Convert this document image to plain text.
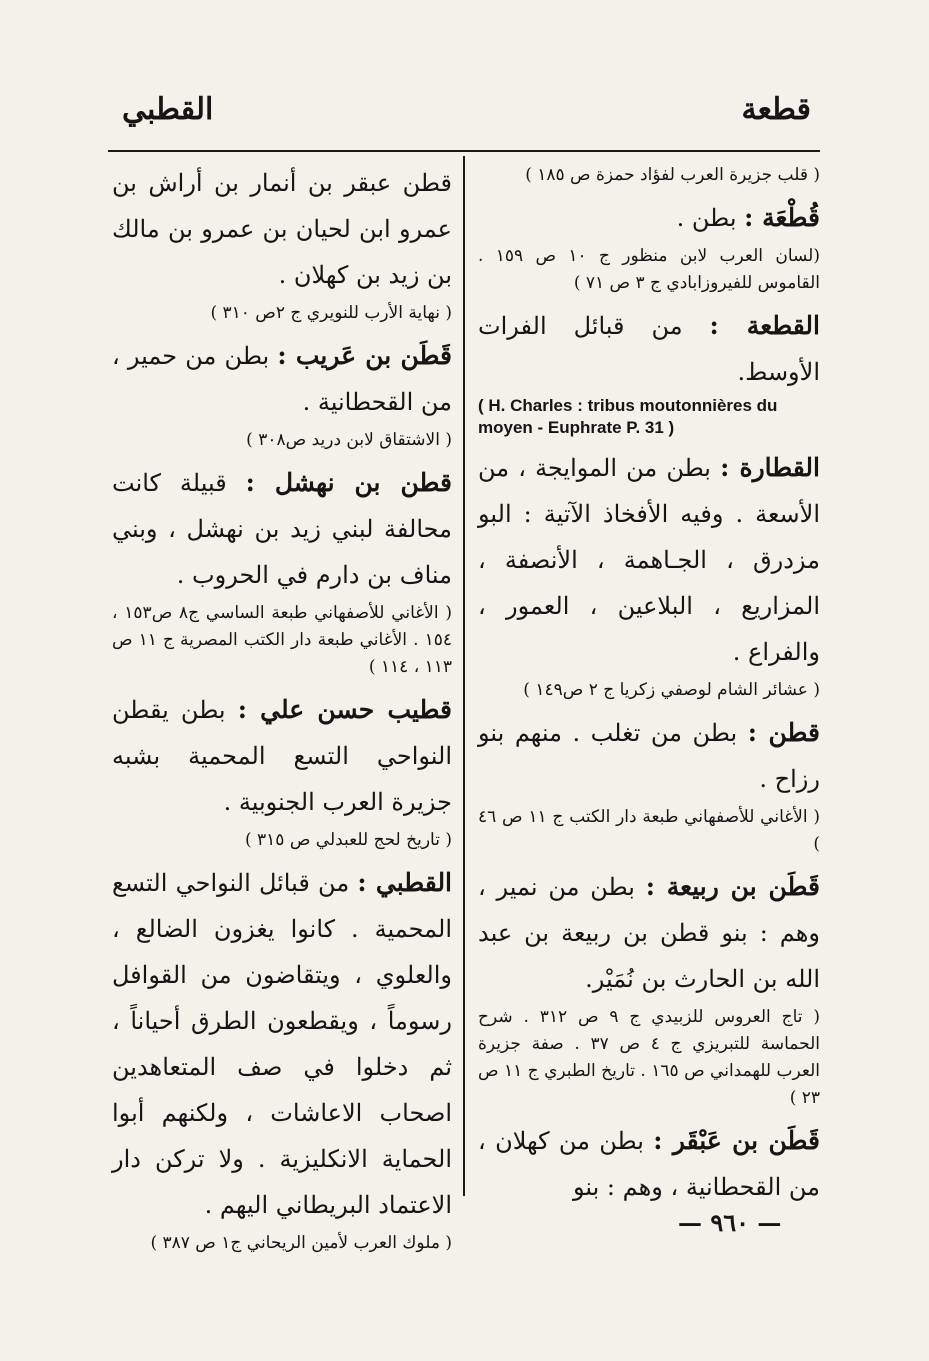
قطعة
القطبي

( قلب جزيرة العرب لفؤاد حمزة ص ١٨٥ )

قُطْعَة : بطن .

(لسان العرب لابن منظور ج ١٠ ص ١٥٩ . القاموس للفيروزابادي ج ٣ ص ٧١ )

القطعة : من قبائل الفرات الأوسط.

( H. Charles : tribus moutonnières du moyen - Euphrate P. 31 )

القطارة : بطن من الموايجة ، من الأسعة . وفيه الأفخاذ الآتية : البو مزدرق ، الجـاهمة ، الأنصفة ، المزاريع ، البلاعين ، العمور ، والفراع .

( عشائر الشام لوصفي زكريا ج ٢ ص١٤٩ )

قطن : بطن من تغلب . منهم بنو رزاح .

( الأغاني للأصفهاني طبعة دار الكتب ج ١١ ص ٤٦ )

قَطَن بن ربيعة : بطن من نمير ، وهم : بنو قطن بن ربيعة بن عبد الله بن الحارث بن نُمَيْر.

( تاج العروس للزبيدي ج ٩ ص ٣١٢ . شرح الحماسة للتبريزي ج ٤ ص ٣٧ . صفة جزيرة العرب للهمداني ص ١٦٥ . تاريخ الطبري ج ١١ ص ٢٣ )

قَطَن بن عَبْقَر : بطن من كهلان ، من القحطانية ، وهم : بنو

قطن عبقر بن أنمار بن أراش بن عمرو ابن لحيان بن عمرو بن مالك بن زيد بن كهلان .

( نهاية الأرب للنويري ج ٢ص ٣١٠ )

قَطَن بن عَريب : بطن من حمير ، من القحطانية .

( الاشتقاق لابن دريد ص٣٠٨ )

قطن بن نهشل : قبيلة كانت محالفة لبني زيد بن نهشل ، وبني مناف بن دارم في الحروب .

( الأغاني للأصفهاني طبعة الساسي ج٨ ص١٥٣ ، ١٥٤ . الأغاني طبعة دار الكتب المصرية ج ١١ ص ١١٣ ، ١١٤ )

قطيب حسن علي : بطن يقطن النواحي التسع المحمية بشبه جزيرة العرب الجنوبية .

( تاريخ لحج للعبدلي ص ٣١٥ )

القطبي : من قبائل النواحي التسع المحمية . كانوا يغزون الضالع ، والعلوي ، ويتقاضون من القوافل رسوماً ، ويقطعون الطرق أحياناً ، ثم دخلوا في صف المتعاهدين اصحاب الاعاشات ، ولكنهم أبوا الحماية الانكليزية . ولا تركن دار الاعتماد البريطاني اليهم .

( ملوك العرب لأمين الريحاني ج١ ص ٣٨٧ )

— ٩٦٠ —
